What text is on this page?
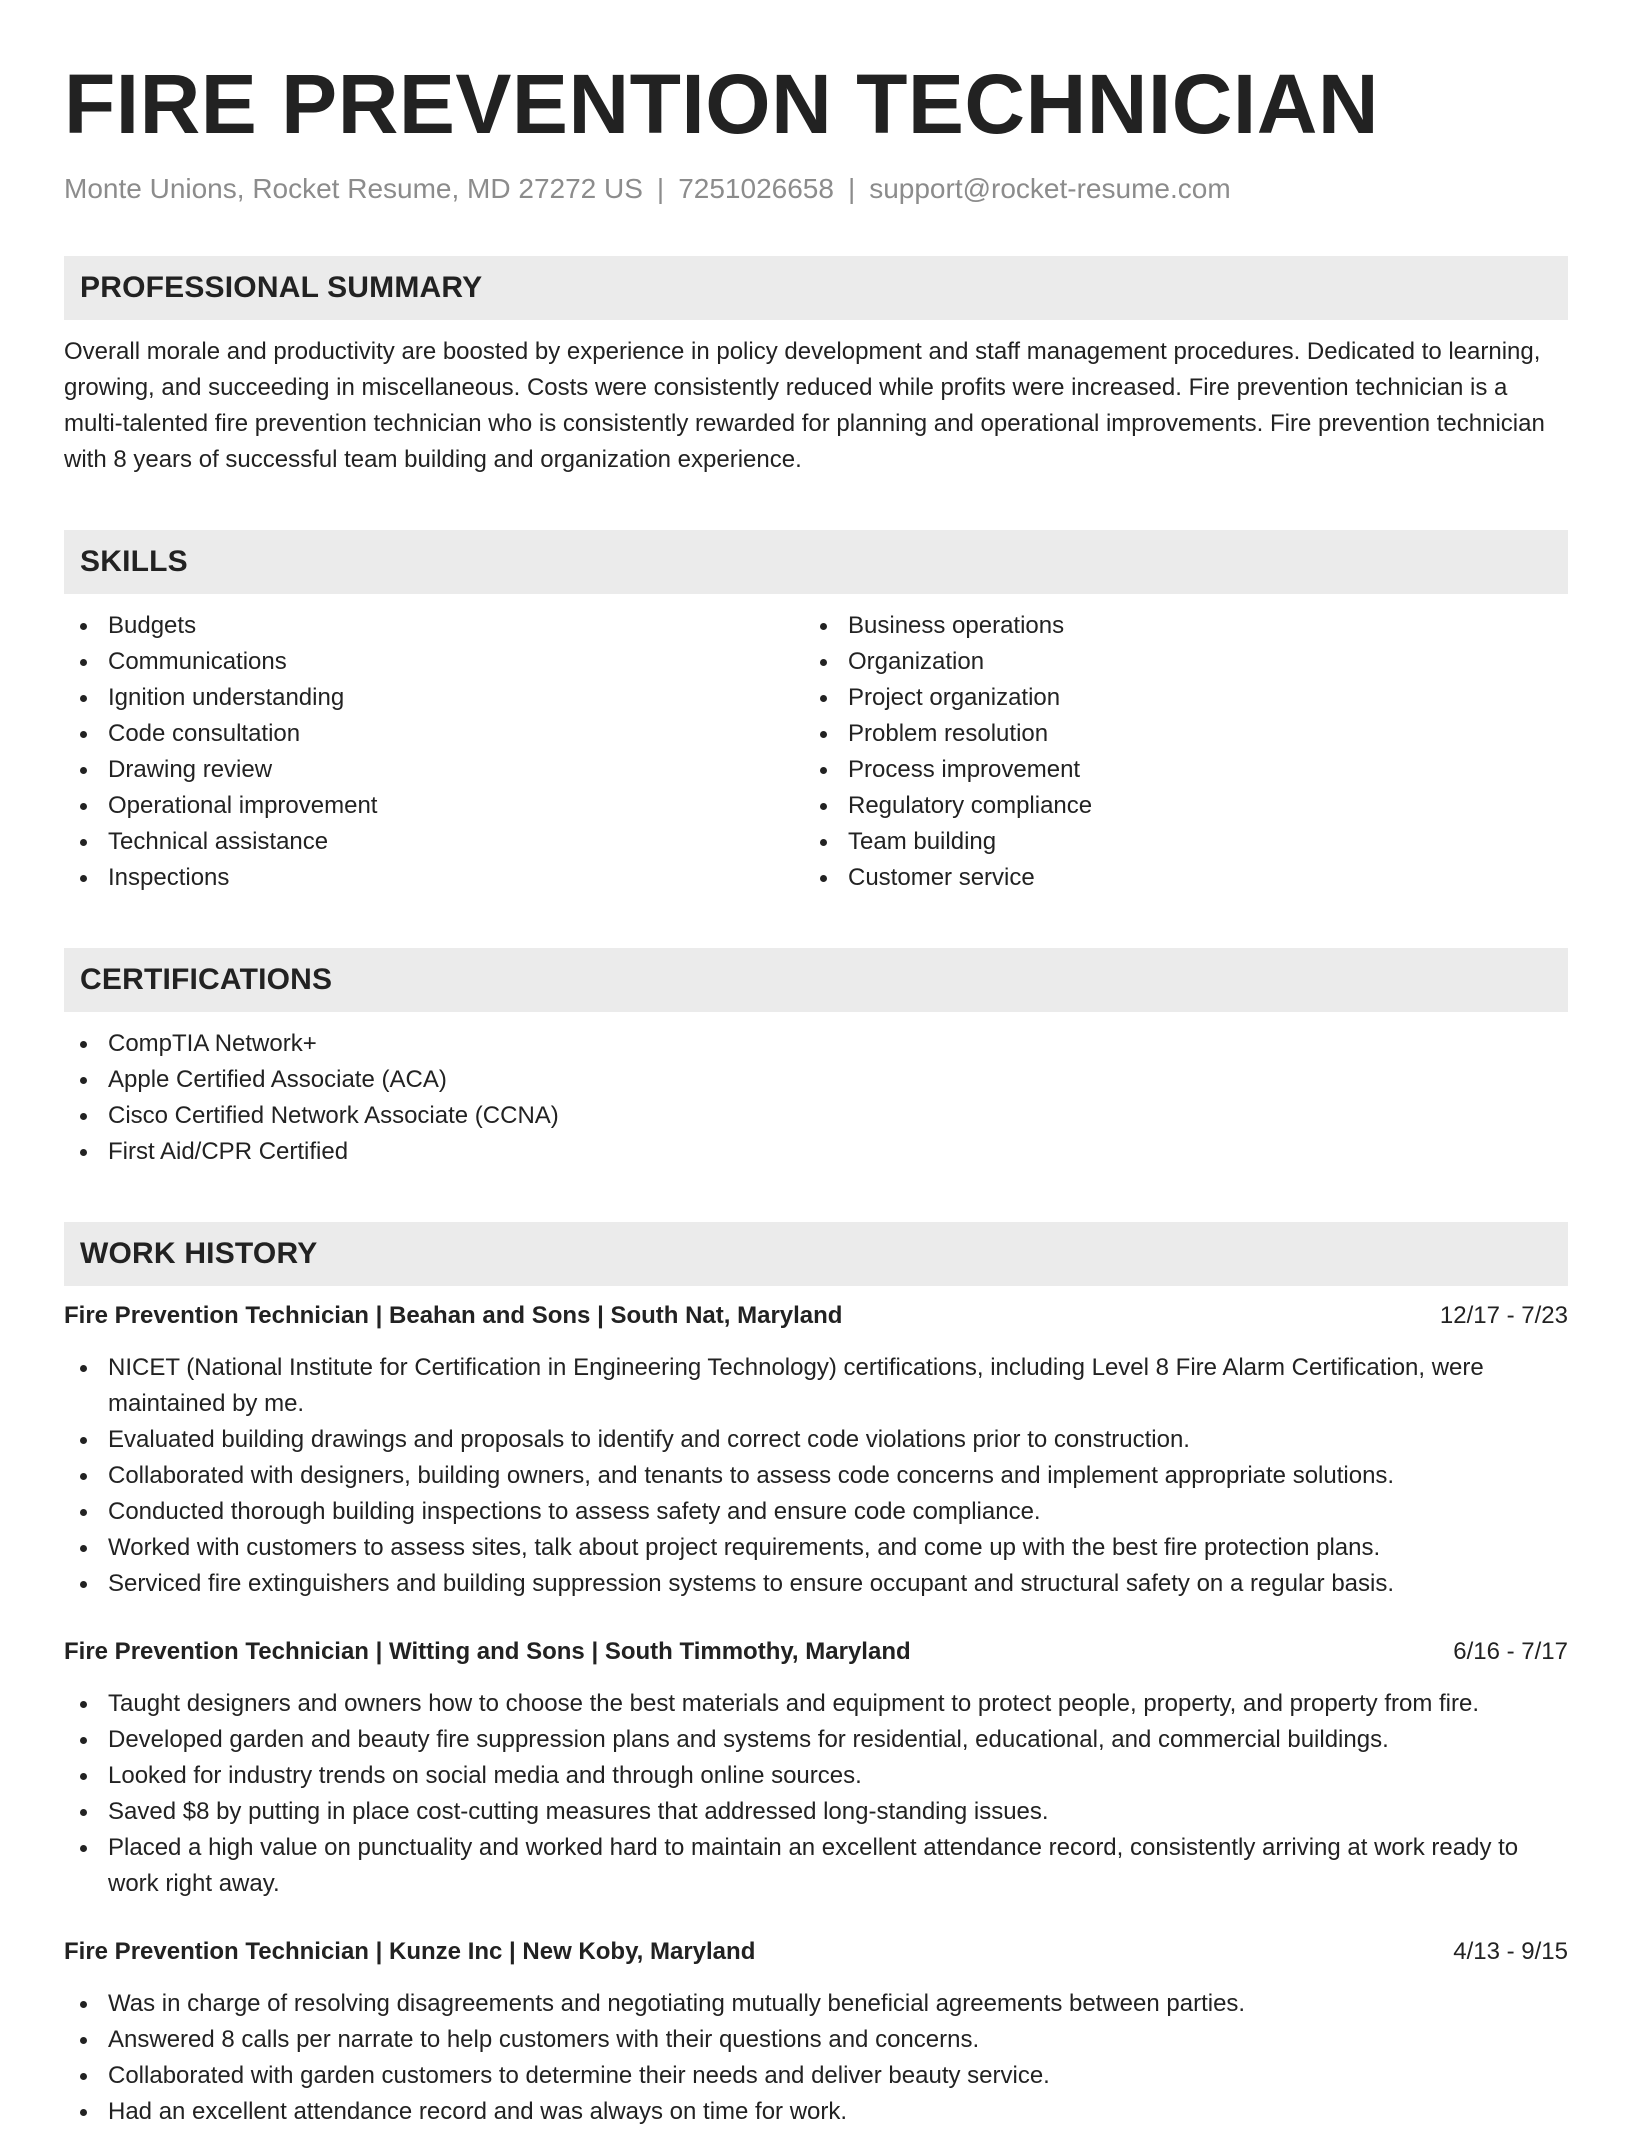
FIRE PREVENTION TECHNICIAN
Monte Unions, Rocket Resume, MD 27272 US | 7251026658 | support@rocket-resume.com
PROFESSIONAL SUMMARY
Overall morale and productivity are boosted by experience in policy development and staff management procedures. Dedicated to learning, growing, and succeeding in miscellaneous. Costs were consistently reduced while profits were increased. Fire prevention technician is a multi-talented fire prevention technician who is consistently rewarded for planning and operational improvements. Fire prevention technician with 8 years of successful team building and organization experience.
SKILLS
Budgets
Communications
Ignition understanding
Code consultation
Drawing review
Operational improvement
Technical assistance
Inspections
Business operations
Organization
Project organization
Problem resolution
Process improvement
Regulatory compliance
Team building
Customer service
CERTIFICATIONS
CompTIA Network+
Apple Certified Associate (ACA)
Cisco Certified Network Associate (CCNA)
First Aid/CPR Certified
WORK HISTORY
Fire Prevention Technician | Beahan and Sons | South Nat, Maryland	12/17 - 7/23
NICET (National Institute for Certification in Engineering Technology) certifications, including Level 8 Fire Alarm Certification, were maintained by me.
Evaluated building drawings and proposals to identify and correct code violations prior to construction.
Collaborated with designers, building owners, and tenants to assess code concerns and implement appropriate solutions.
Conducted thorough building inspections to assess safety and ensure code compliance.
Worked with customers to assess sites, talk about project requirements, and come up with the best fire protection plans.
Serviced fire extinguishers and building suppression systems to ensure occupant and structural safety on a regular basis.
Fire Prevention Technician | Witting and Sons | South Timmothy, Maryland	6/16 - 7/17
Taught designers and owners how to choose the best materials and equipment to protect people, property, and property from fire.
Developed garden and beauty fire suppression plans and systems for residential, educational, and commercial buildings.
Looked for industry trends on social media and through online sources.
Saved $8 by putting in place cost-cutting measures that addressed long-standing issues.
Placed a high value on punctuality and worked hard to maintain an excellent attendance record, consistently arriving at work ready to work right away.
Fire Prevention Technician | Kunze Inc | New Koby, Maryland	4/13 - 9/15
Was in charge of resolving disagreements and negotiating mutually beneficial agreements between parties.
Answered 8 calls per narrate to help customers with their questions and concerns.
Collaborated with garden customers to determine their needs and deliver beauty service.
Had an excellent attendance record and was always on time for work.
